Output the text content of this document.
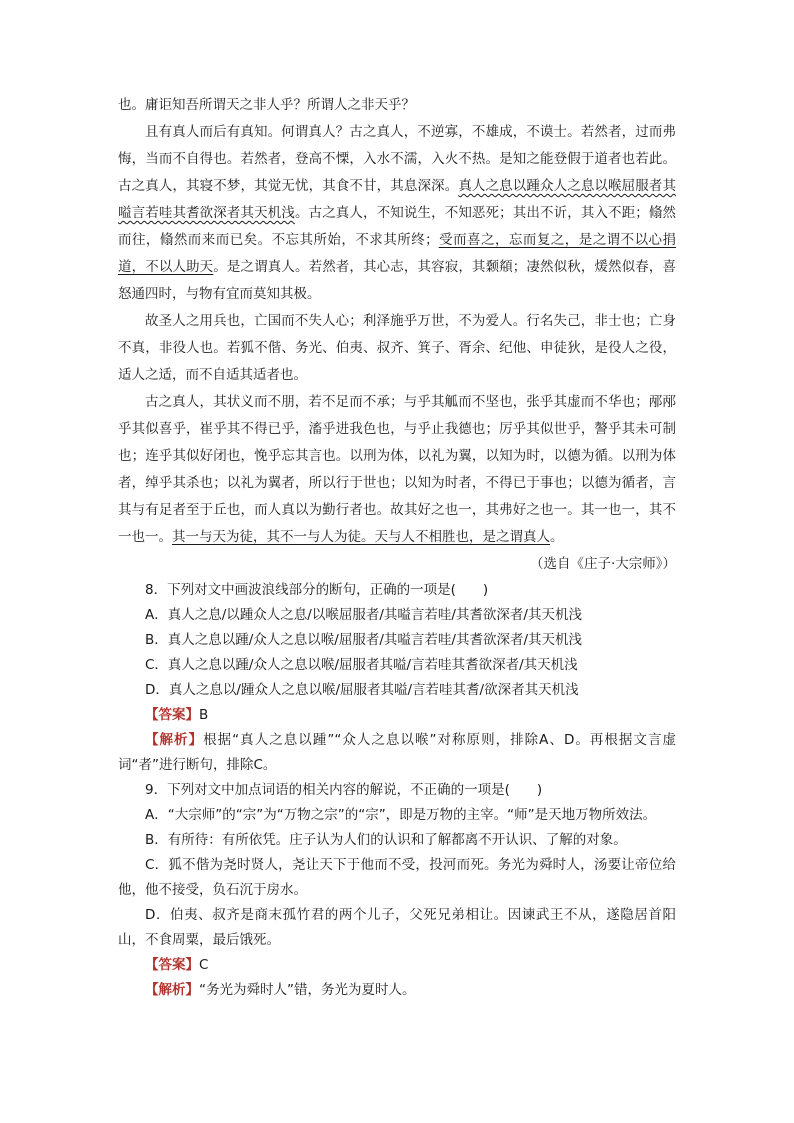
也。庸讵知吾所谓天之非人乎？所谓人之非天乎？

且有真人而后有真知。何谓真人？古之真人，不逆寡，不雄成，不谟士。若然者，过而弗悔，当而不自得也。若然者，登高不慄，入水不濡，入火不热。是知之能登假于道者也若此。古之真人，其寝不梦，其觉无忧，其食不甘，其息深深。真人之息以踵众人之息以喉屈服者其嗌言若哇其耆欲深者其天机浅。古之真人，不知说生，不知恶死；其出不䜣，其入不距；翛然而往，翛然而来而已矣。不忘其所始，不求其所终；受而喜之，忘而复之，是之谓不以心捐道，不以人助天。是之谓真人。若然者，其心志，其容寂，其颡頯；凄然似秋，煖然似春，喜怒通四时，与物有宜而莫知其极。

故圣人之用兵也，亡国而不失人心；利泽施乎万世，不为爱人。行名失己，非士也；亡身不真，非役人也。若狐不偕、务光、伯夷、叔齐、箕子、胥余、纪他、申徒狄，是役人之役，适人之适，而不自适其适者也。

古之真人，其状义而不朋，若不足而不承；与乎其觚而不坚也，张乎其虚而不华也；邴邴乎其似喜乎，崔乎其不得已乎，滀乎进我色也，与乎止我德也；厉乎其似世乎，謷乎其未可制也；连乎其似好闭也，悗乎忘其言也。以刑为体，以礼为翼，以知为时，以德为循。以刑为体者，绰乎其杀也；以礼为翼者，所以行于世也；以知为时者，不得已于事也；以德为循者，言其与有足者至于丘也，而人真以为勤行者也。故其好之也一，其弗好之也一。其一也一，其不一也一。其一与天为徒，其不一与人为徒。天与人不相胜也，是之谓真人。

（选自《庄子·大宗师》）

8．下列对文中画波浪线部分的断句，正确的一项是(　　)

A．真人之息/以踵众人之息/以喉屈服者/其嗌言若哇/其耆欲深者/其天机浅

B．真人之息以踵/众人之息以喉/屈服者/其嗌言若哇/其耆欲深者/其天机浅

C．真人之息以踵/众人之息以喉/屈服者其嗌/言若哇其耆欲深者/其天机浅

D．真人之息以/踵众人之息以喉/屈服者其嗌/言若哇其耆/欲深者其天机浅

【答案】B

【解析】根据“真人之息以踵”“众人之息以喉”对称原则，排除A、D。再根据文言虚词“者”进行断句，排除C。

9．下列对文中加点词语的相关内容的解说，不正确的一项是(　　)

A．“大宗师”的“宗”为“万物之宗”的“宗”，即是万物的主宰。“师”是天地万物所效法。

B．有所待：有所依凭。庄子认为人们的认识和了解都离不开认识、了解的对象。

C．狐不偕为尧时贤人，尧让天下于他而不受，投河而死。务光为舜时人，汤要让帝位给他，他不接受，负石沉于房水。

D．伯夷、叔齐是商末孤竹君的两个儿子，父死兄弟相让。因谏武王不从，遂隐居首阳山，不食周粟，最后饿死。

【答案】C

【解析】“务光为舜时人”错，务光为夏时人。
